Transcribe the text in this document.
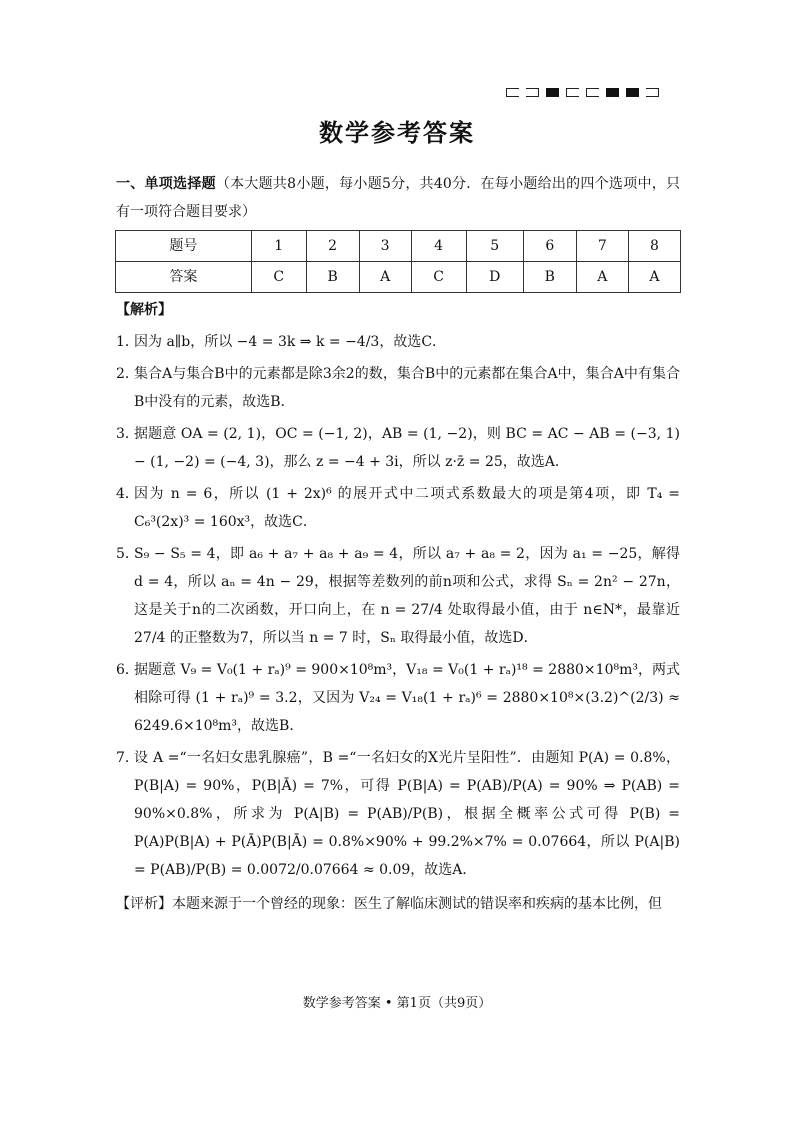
数学参考答案

一、单项选择题（本大题共8小题，每小题5分，共40分．在每小题给出的四个选项中，只有一项符合题目要求）

题号	1	2	3	4	5	6	7	8
答案	C	B	A	C	D	B	A	A
【解析】
1．
因为 a∥b，所以 −4 = 3k ⇒ k = −4/3，故选C．
2．
集合A与集合B中的元素都是除3余2的数，集合B中的元素都在集合A中，集合A中有集合B中没有的元素，故选B．
3．
据题意 OA = (2, 1)，OC = (−1, 2)，AB = (1, −2)，则 BC = AC − AB = (−3, 1) − (1, −2) = (−4, 3)，那么 z = −4 + 3i，所以 z·z̄ = 25，故选A．
4．
因为 n = 6，所以 (1 + 2x)⁶ 的展开式中二项式系数最大的项是第4项，即 T₄ = C₆³(2x)³ = 160x³，故选C．
5．
S₉ − S₅ = 4，即 a₆ + a₇ + a₈ + a₉ = 4，所以 a₇ + a₈ = 2，因为 a₁ = −25，解得 d = 4，所以 aₙ = 4n − 29，根据等差数列的前n项和公式，求得 Sₙ = 2n² − 27n，这是关于n的二次函数，开口向上，在 n = 27/4 处取得最小值，由于 n∈N*，最靠近 27/4 的正整数为7，所以当 n = 7 时，Sₙ 取得最小值，故选D．
6．
据题意 V₉ = V₀(1 + rₐ)⁹ = 900×10⁸m³，V₁₈ = V₀(1 + rₐ)¹⁸ = 2880×10⁸m³，两式相除可得 (1 + rₐ)⁹ = 3.2，又因为 V₂₄ = V₁₈(1 + rₐ)⁶ = 2880×10⁸×(3.2)^(2/3) ≈ 6249.6×10⁸m³，故选B．
7．
设 A =“一名妇女患乳腺癌”，B =“一名妇女的X光片呈阳性”．由题知 P(A) = 0.8%，P(B|A) = 90%，P(B|Ā) = 7%，可得 P(B|A) = P(AB)/P(A) = 90% ⇒ P(AB) = 90%×0.8%，所求为 P(A|B) = P(AB)/P(B)，根据全概率公式可得 P(B) = P(A)P(B|A) + P(Ā)P(B|Ā) = 0.8%×90% + 99.2%×7% = 0.07664，所以 P(A|B) = P(AB)/P(B) = 0.0072/0.07664 ≈ 0.09，故选A．
【评析】本题来源于一个曾经的现象：医生了解临床测试的错误率和疾病的基本比例，但
数学参考答案 • 第1页（共9页）
